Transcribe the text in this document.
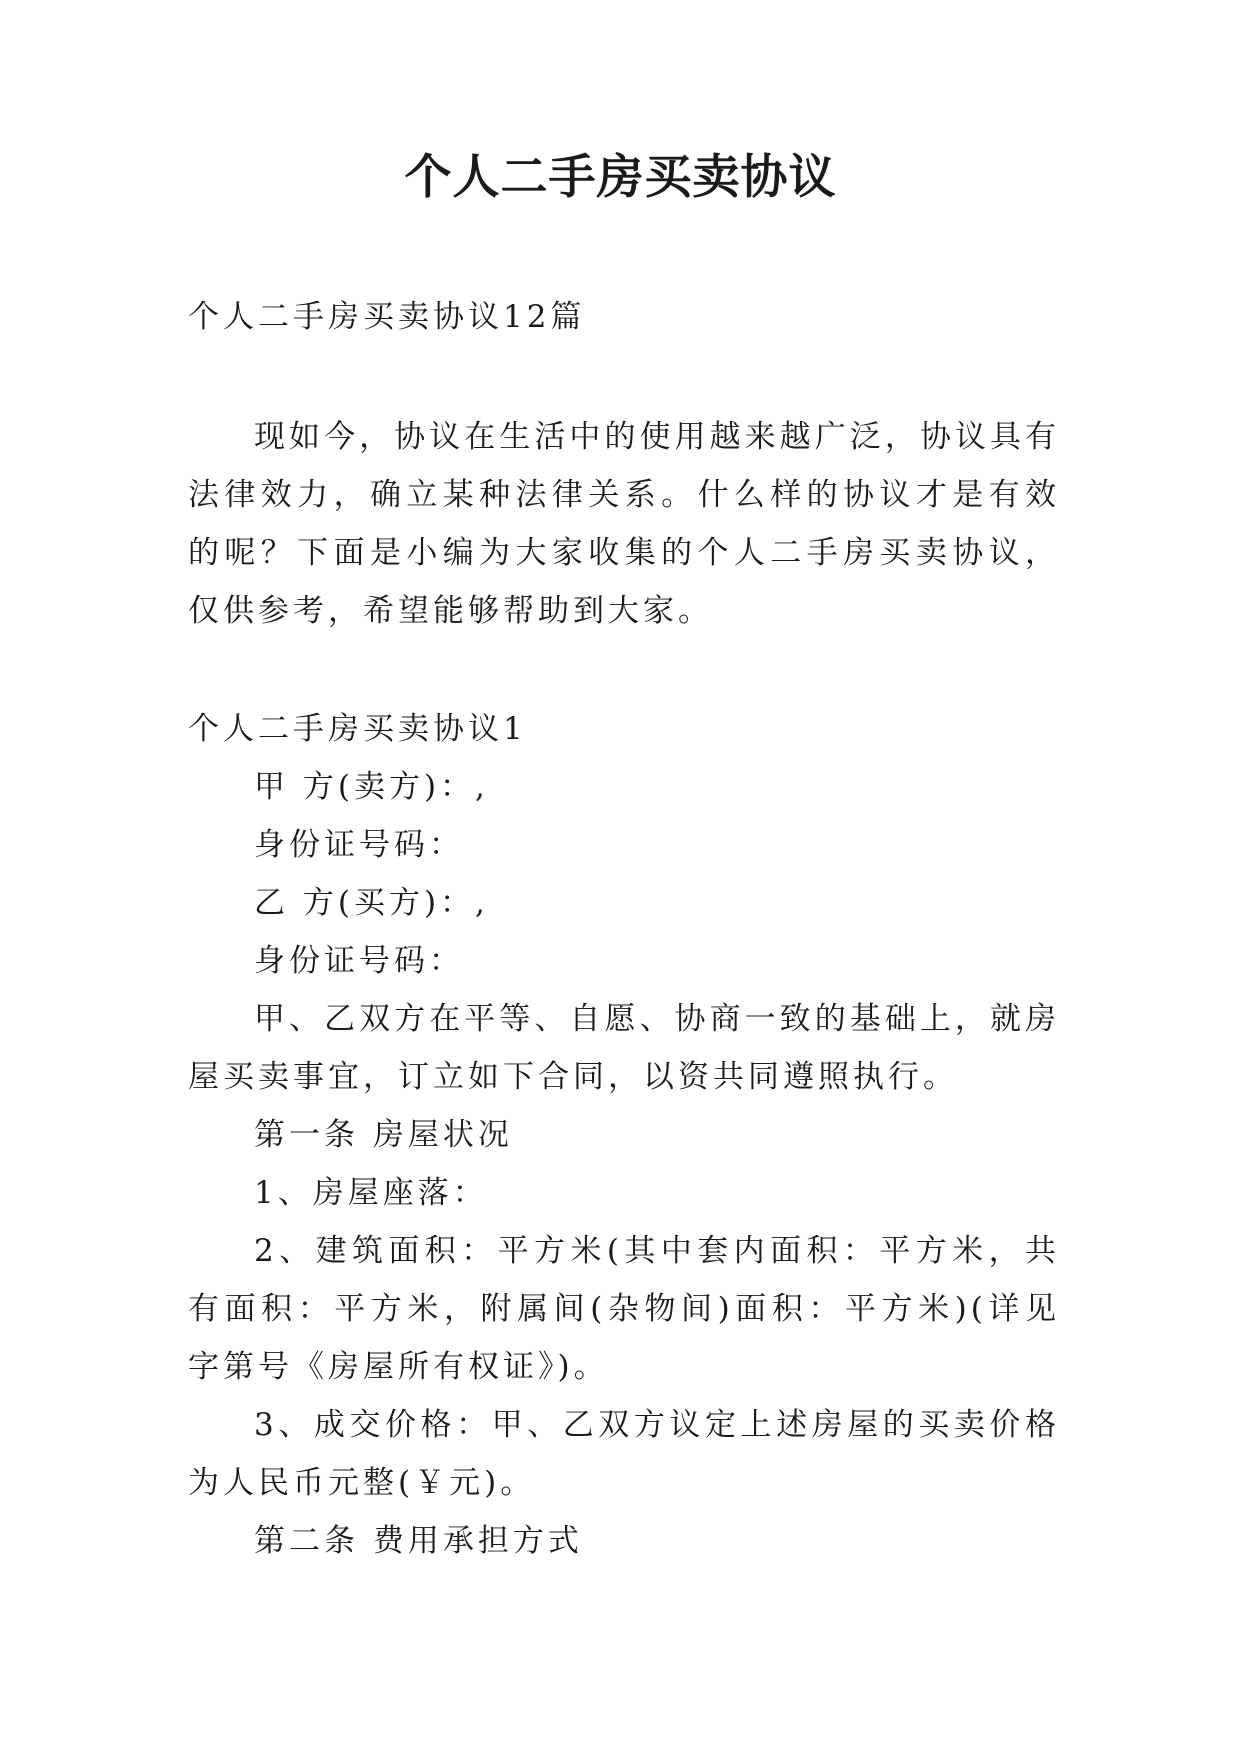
个人二手房买卖协议

个人二手房买卖协议12篇

现如今，协议在生活中的使用越来越广泛，协议具有法律效力，确立某种法律关系。什么样的协议才是有效的呢？下面是小编为大家收集的个人二手房买卖协议，仅供参考，希望能够帮助到大家。

个人二手房买卖协议1

甲 方(卖方)：,

身份证号码：

乙 方(买方)：,

身份证号码：

甲、乙双方在平等、自愿、协商一致的基础上，就房屋买卖事宜，订立如下合同，以资共同遵照执行。

第一条 房屋状况

1、房屋座落：

2、建筑面积：平方米(其中套内面积：平方米，共有面积：平方米，附属间(杂物间)面积：平方米)(详见 字第号《房屋所有权证》)。

3、成交价格：甲、乙双方议定上述房屋的买卖价格为人民币元整(￥元)。

第二条 费用承担方式
